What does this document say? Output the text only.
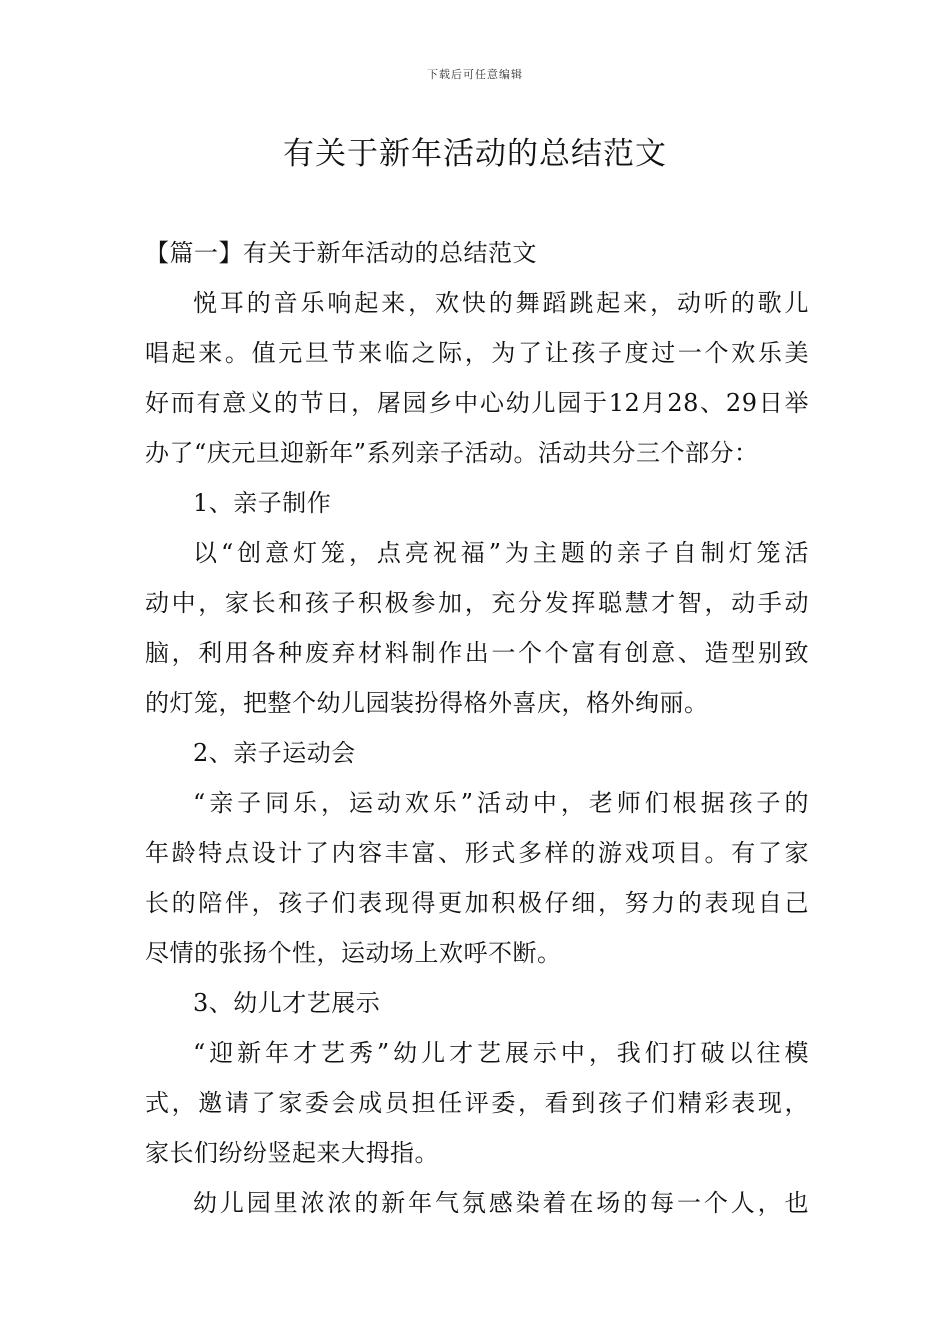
下载后可任意编辑
有关于新年活动的总结范文
【篇一】有关于新年活动的总结范文
悦耳的音乐响起来，欢快的舞蹈跳起来，动听的歌儿
唱起来。值元旦节来临之际，为了让孩子度过一个欢乐美
好而有意义的节日，屠园乡中心幼儿园于12月28、29日举
办了“庆元旦迎新年”系列亲子活动。活动共分三个部分：
1、亲子制作
以“创意灯笼，点亮祝福”为主题的亲子自制灯笼活
动中，家长和孩子积极参加，充分发挥聪慧才智，动手动
脑，利用各种废弃材料制作出一个个富有创意、造型别致
的灯笼，把整个幼儿园装扮得格外喜庆，格外绚丽。
2、亲子运动会
“亲子同乐，运动欢乐”活动中，老师们根据孩子的
年龄特点设计了内容丰富、形式多样的游戏项目。有了家
长的陪伴，孩子们表现得更加积极仔细，努力的表现自己
尽情的张扬个性，运动场上欢呼不断。
3、幼儿才艺展示
“迎新年才艺秀”幼儿才艺展示中，我们打破以往模
式，邀请了家委会成员担任评委，看到孩子们精彩表现，
家长们纷纷竖起来大拇指。
幼儿园里浓浓的新年气氛感染着在场的每一个人，也
